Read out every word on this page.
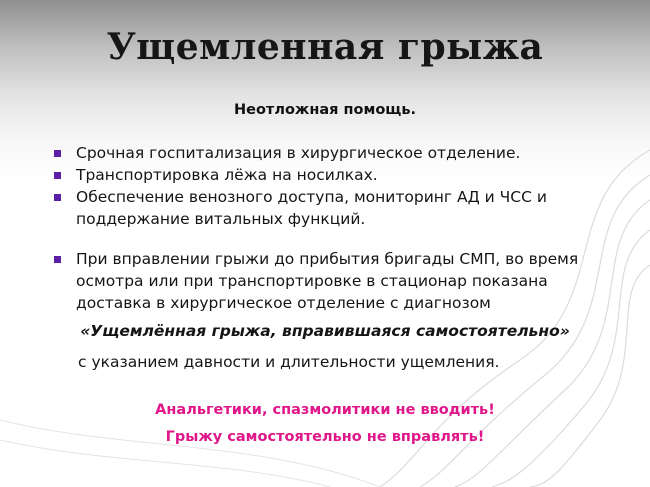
Ущемленная грыжа
Неотложная помощь.
Срочная госпитализация в хирургическое отделение.
Транспортировка лёжа на носилках.
Обеспечение венозного доступа, мониторинг АД и ЧСС и поддержание витальных функций.
При вправлении грыжи до прибытия бригады СМП, во время осмотра или при транспортировке в стационар показана доставка в хирургическое отделение с диагнозом
«Ущемлённая грыжа, вправившаяся самостоятельно»
с указанием давности и длительности ущемления.
Анальгетики, спазмолитики не вводить!
Грыжу самостоятельно не вправлять!
